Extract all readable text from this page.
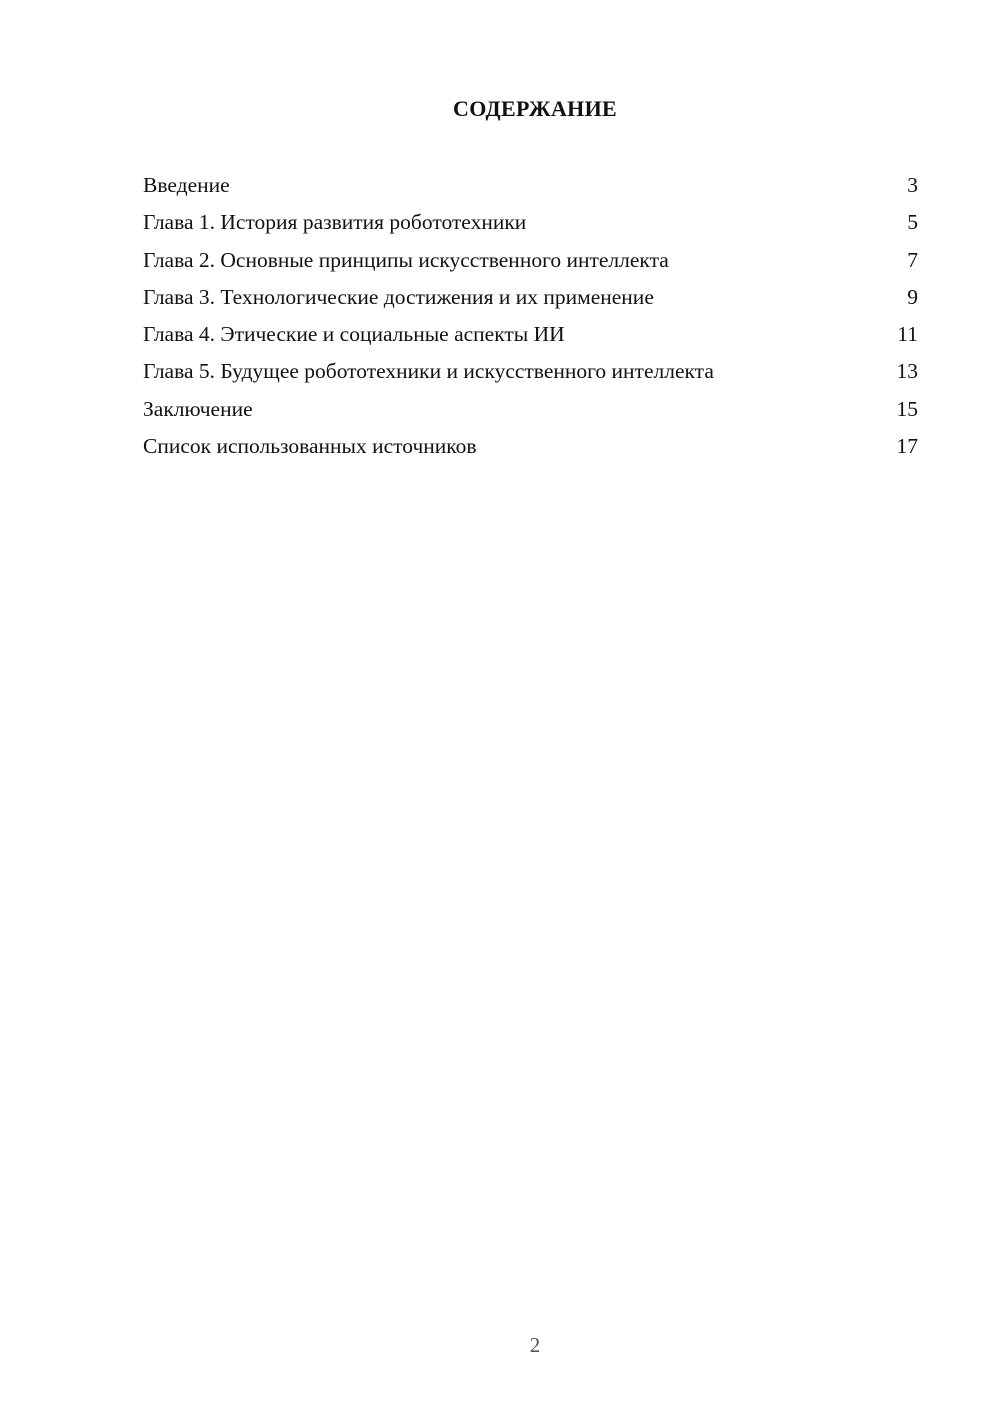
СОДЕРЖАНИЕ
Введение	3
Глава 1. История развития робототехники	5
Глава 2. Основные принципы искусственного интеллекта	7
Глава 3. Технологические достижения и их применение	9
Глава 4. Этические и социальные аспекты ИИ	11
Глава 5. Будущее робототехники и искусственного интеллекта	13
Заключение	15
Список использованных источников	17
2
